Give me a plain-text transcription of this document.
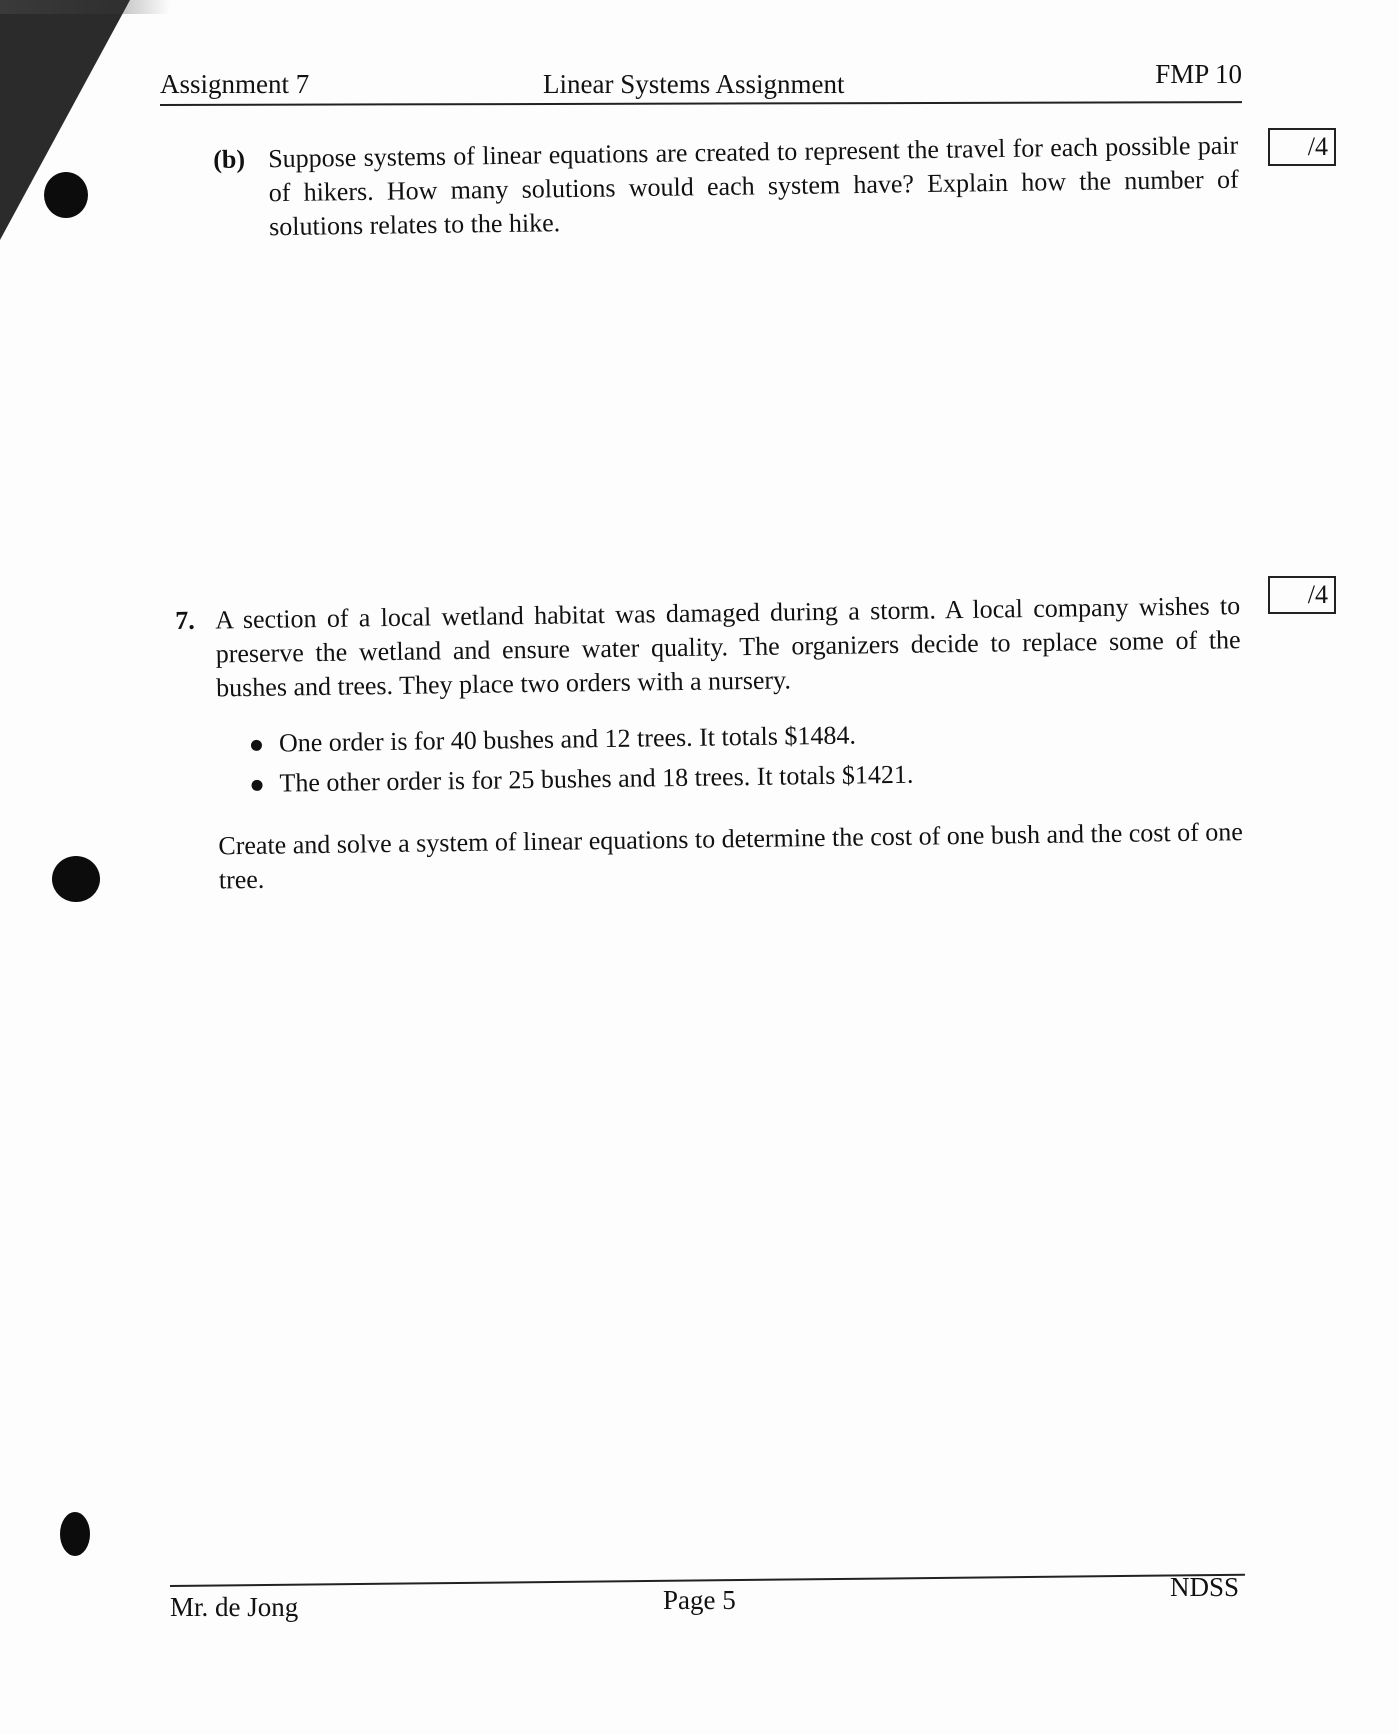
Assignment 7	Linear Systems Assignment	FMP 10
(b) Suppose systems of linear equations are created to represent the travel for each possible pair of hikers. How many solutions would each system have? Explain how the number of solutions relates to the hike.
/4
7. A section of a local wetland habitat was damaged during a storm. A local company wishes to preserve the wetland and ensure water quality. The organizers decide to replace some of the bushes and trees. They place two orders with a nursery.
One order is for 40 bushes and 12 trees. It totals $1484.
The other order is for 25 bushes and 18 trees. It totals $1421.
Create and solve a system of linear equations to determine the cost of one bush and the cost of one tree.
/4
Mr. de Jong	Page 5	NDSS
